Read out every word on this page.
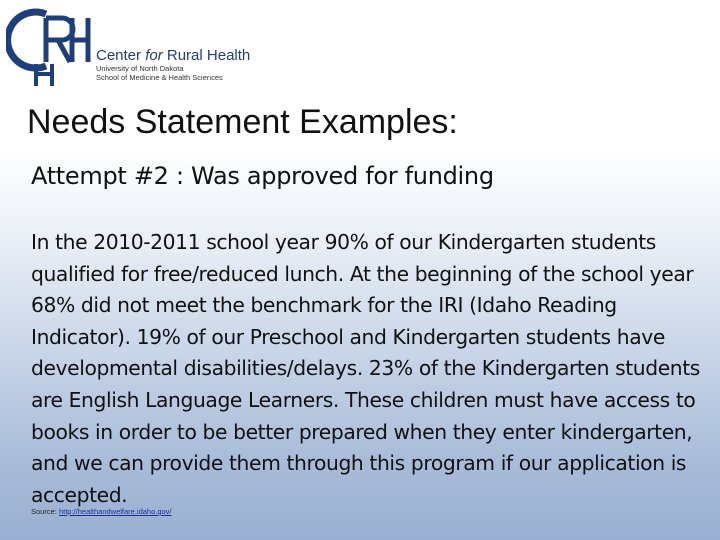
Center for Rural Health
University of North Dakota
School of Medicine & Health Sciences
Needs Statement Examples:
Attempt #2 : Was approved for funding

In the 2010-2011 school year 90% of our Kindergarten students qualified for free/reduced lunch. At the beginning of the school year 68% did not meet the benchmark for the IRI (Idaho Reading Indicator). 19% of our Preschool and Kindergarten students have developmental disabilities/delays. 23% of the Kindergarten students are English Language Learners. These children must have access to books in order to be better prepared when they enter kindergarten, and we can provide them through this program if our application is accepted.

Source: http://healthandwelfare.idaho.gov/
